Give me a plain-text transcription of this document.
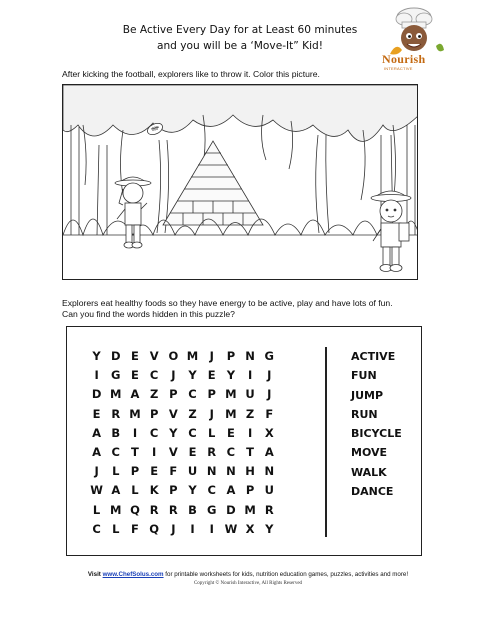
Be Active Every Day for at Least 60 minutes
and you will be a ‘Move-It” Kid!
Nourish
INTERACTIVE
After kicking the football, explorers like to throw it. Color this picture.
Explorers eat healthy foods so they have energy to be active, play and have lots of fun.
Can you find the words hidden in this puzzle?
Y D E V O M J	P N G
I	G E C	J	Y E Y	I	J
D M A Z P C P M U	J
E R M P V Z	J M Z F
A B	I	C Y C L	E	I	X
A C T	I	V E R C T A
J	L P E F U N N H N
W A L K P Y C A P U
L M Q R R B G D M R
C L	F Q	J	I	I W X Y
ACTIVE
FUN
JUMP
RUN
BICYCLE
MOVE
WALK
DANCE
Visit www.ChefSolus.com for printable worksheets for kids, nutrition education games, puzzles, activities and more!
Copyright © Nourish Interactive, All Rights Reserved
